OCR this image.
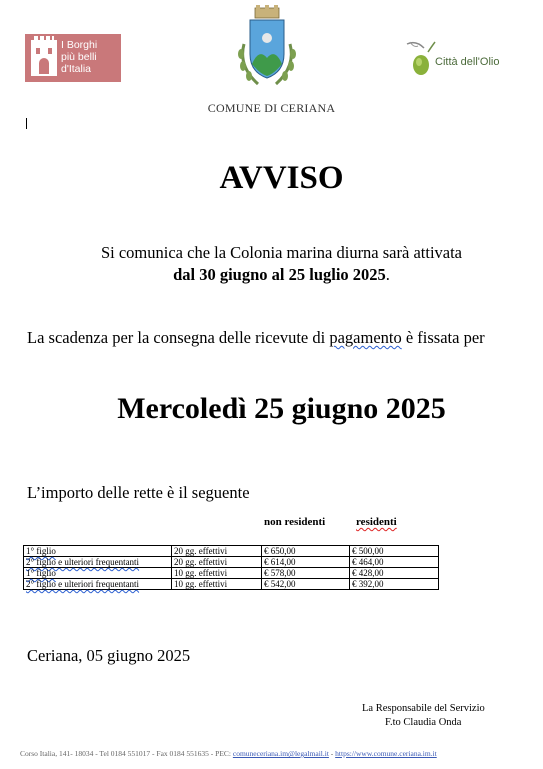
I Borghi
più belli
d'Italia
Città dell'Olio
COMUNE DI CERIANA
AVVISO
Si comunica che la Colonia marina diurna sarà attivata
dal 30 giugno al 25 luglio 2025.
La scadenza per la consegna delle ricevute di pagamento è fissata per
Mercoledì 25 giugno 2025
L’importo delle rette è il seguente
non residenti	residenti
1° figlio	20 gg. effettivi	€ 650,00	€ 500,00
2° figlio e ulteriori frequentanti	20 gg. effettivi	€ 614,00	€ 464,00
1° figlio	10 gg. effettivi	€ 578,00	€ 428,00
2° figlio e ulteriori frequentanti	10 gg. effettivi	€ 542,00	€ 392,00
Ceriana, 05 giugno 2025
La Responsabile del Servizio
F.to Claudia Onda
Corso Italia, 141- 18034 - Tel 0184 551017 - Fax 0184 551635 - PEC: comuneceriana.im@legalmail.it - https://www.comune.ceriana.im.it
